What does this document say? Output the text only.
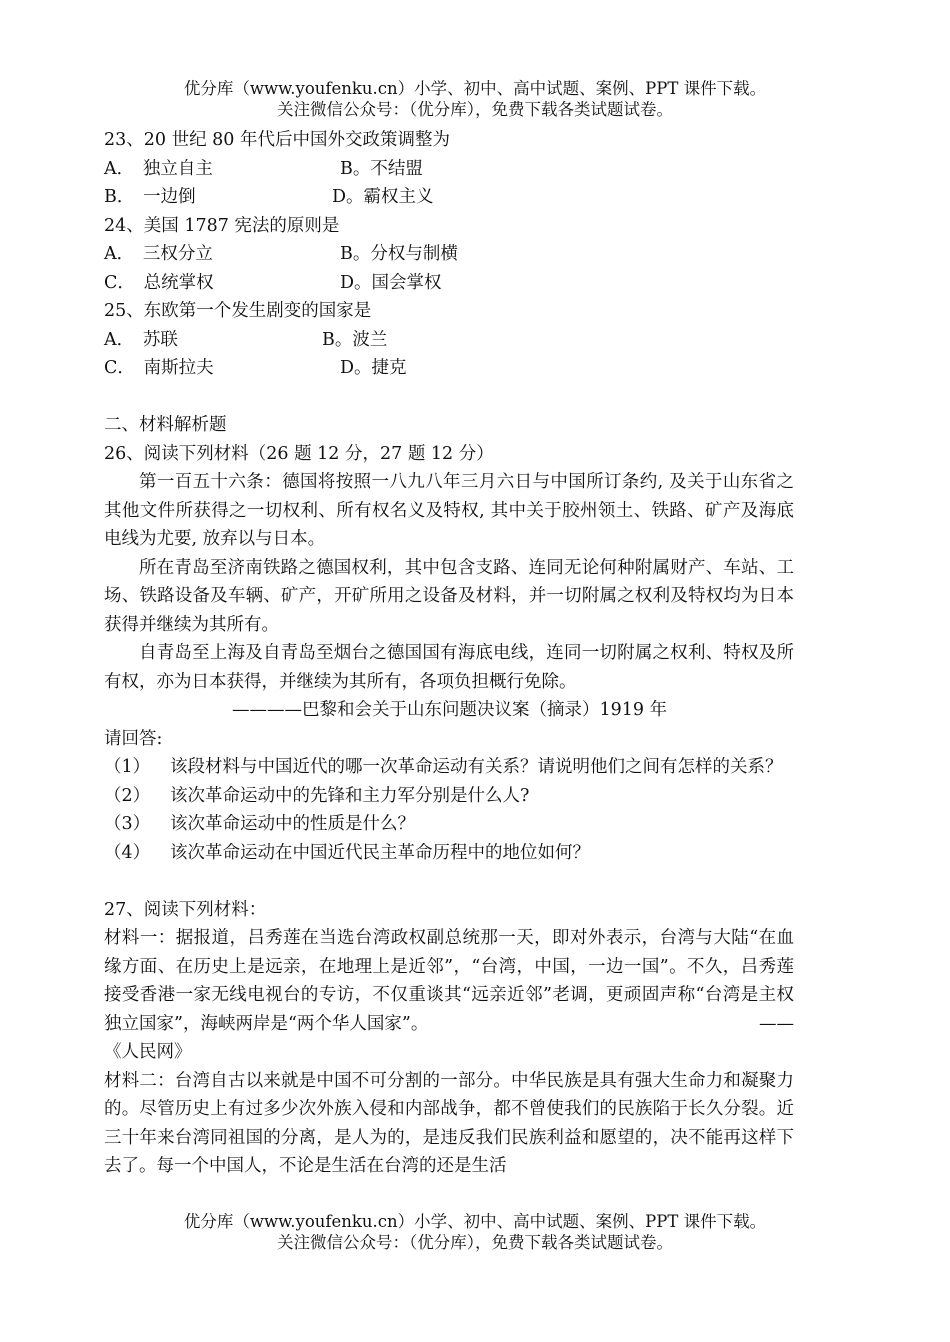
优分库（www.youfenku.cn）小学、初中、高中试题、案例、PPT 课件下载。
关注微信公众号：（优分库），免费下载各类试题试卷。
23、20 世纪 80 年代后中国外交政策调整为
A．　独立自主	B。不结盟
B．　一边倒	D。霸权主义
24、美国 1787 宪法的原则是
A．　三权分立	B。分权与制横
C．　总统掌权	D。国会掌权
25、东欧第一个发生剧变的国家是
A．　苏联	B。波兰
C．　南斯拉夫	D。捷克
二、材料解析题
26、阅读下列材料（26 题 12 分，27 题 12 分）
第一百五十六条：德国将按照一八九八年三月六日与中国所订条约, 及关于山东省之其他文件所获得之一切权利、所有权名义及特权, 其中关于胶州领土、铁路、矿产及海底电线为尤要, 放弃以与日本。
所在青岛至济南铁路之德国权利，其中包含支路、连同无论何种附属财产、车站、工场、铁路设备及车辆、矿产，开矿所用之设备及材料，并一切附属之权利及特权均为日本获得并继续为其所有。
自青岛至上海及自青岛至烟台之德国国有海底电线，连同一切附属之权利、特权及所有权，亦为日本获得，并继续为其所有，各项负担概行免除。
————巴黎和会关于山东问题决议案（摘录）1919 年
请回答:
（1） 该段材料与中国近代的哪一次革命运动有关系？请说明他们之间有怎样的关系？
（2） 该次革命运动中的先锋和主力军分别是什么人?
（3） 该次革命运动中的性质是什么？
（4） 该次革命运动在中国近代民主革命历程中的地位如何？
27、阅读下列材料：
材料一：据报道，吕秀莲在当选台湾政权副总统那一天，即对外表示，台湾与大陆“在血缘方面、在历史上是远亲，在地理上是近邻”，“台湾，中国，一边一国”。不久，吕秀莲接受香港一家无线电视台的专访，不仅重谈其“远亲近邻”老调，更顽固声称“台湾是主权独立国家”，海峡两岸是“两个华人国家”。	——
《人民网》
材料二：台湾自古以来就是中国不可分割的一部分。中华民族是具有强大生命力和凝聚力的。尽管历史上有过多少次外族入侵和内部战争，都不曾使我们的民族陷于长久分裂。近三十年来台湾同祖国的分离，是人为的，是违反我们民族利益和愿望的，决不能再这样下去了。每一个中国人，不论是生活在台湾的还是生活
优分库（www.youfenku.cn）小学、初中、高中试题、案例、PPT 课件下载。
关注微信公众号：（优分库），免费下载各类试题试卷。
